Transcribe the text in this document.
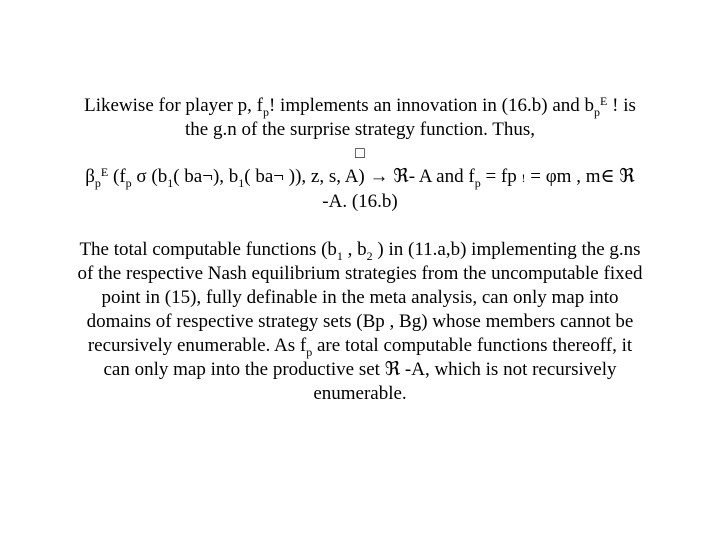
Likewise for player p, $f_p$! implements an innovation in (16.b) and $b_p^E$ ! is
the g.n of the surprise strategy function. Thus,
□
$\beta_p^E$ ($f_p$ σ ($b_1$( ba¬), $b_1$( ba¬ )), z, s, A) → ℜ- A and $f_p$ = fp ! = φm , m∈ ℜ
-A. (16.b)
The total computable functions ($b_1$ , $b_2$ ) in (11.a,b) implementing the g.ns
of the respective Nash equilibrium strategies from the uncomputable fixed
point in (15), fully definable in the meta analysis, can only map into
domains of respective strategy sets (Bp , Bg) whose members cannot be
recursively enumerable. As $f_p$ are total computable functions thereoff, it
can only map into the productive set ℜ -A, which is not recursively
enumerable.
